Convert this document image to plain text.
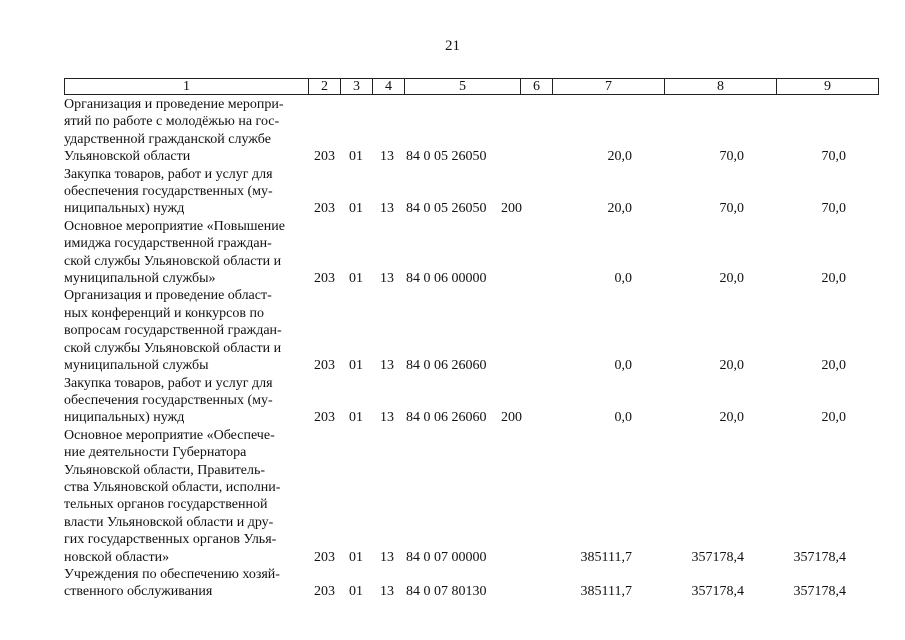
21
1	2	3	4	5	6	7	8	9
Организация и проведение меропри-
ятий по работе с молодёжью на гос-
ударственной гражданской службе
Ульяновской области	203 01 13 84 0 05 26050	20,0	70,0	70,0
Закупка товаров, работ и услуг для
обеспечения государственных (му-
ниципальных) нужд	203 01 13 84 0 05 26050 200	20,0	70,0	70,0
Основное мероприятие «Повышение
имиджа государственной граждан-
ской службы Ульяновской области и
муниципальной службы»	203 01 13 84 0 06 00000	0,0	20,0	20,0
Организация и проведение област-
ных конференций и конкурсов по
вопросам государственной граждан-
ской службы Ульяновской области и
муниципальной службы	203 01 13 84 0 06 26060	0,0	20,0	20,0
Закупка товаров, работ и услуг для
обеспечения государственных (му-
ниципальных) нужд	203 01 13 84 0 06 26060 200	0,0	20,0	20,0
Основное мероприятие «Обеспече-
ние деятельности Губернатора
Ульяновской области, Правитель-
ства Ульяновской области, исполни-
тельных органов государственной
власти Ульяновской области и дру-
гих государственных органов Улья-
новской области»	203 01 13 84 0 07 00000	385111,7	357178,4	357178,4
Учреждения по обеспечению хозяй-
ственного обслуживания	203 01 13 84 0 07 80130	385111,7	357178,4	357178,4
